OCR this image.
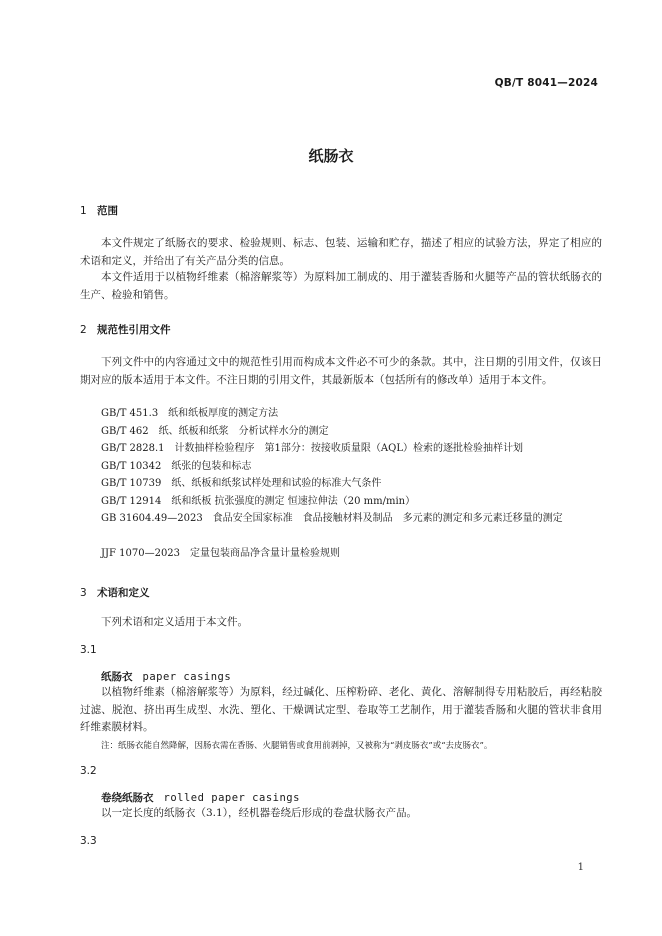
QB/T 8041—2024
纸肠衣
1 范围
本文件规定了纸肠衣的要求、检验规则、标志、包装、运输和贮存，描述了相应的试验方法，界定了相应的术语和定义，并给出了有关产品分类的信息。
本文件适用于以植物纤维素（棉溶解浆等）为原料加工制成的、用于灌装香肠和火腿等产品的管状纸肠衣的生产、检验和销售。
2 规范性引用文件
下列文件中的内容通过文中的规范性引用而构成本文件必不可少的条款。其中，注日期的引用文件，仅该日期对应的版本适用于本文件。不注日期的引用文件，其最新版本（包括所有的修改单）适用于本文件。
GB/T 451.3　纸和纸板厚度的测定方法
GB/T 462　纸、纸板和纸浆　分析试样水分的测定
GB/T 2828.1　计数抽样检验程序　第1部分：按接收质量限（AQL）检索的逐批检验抽样计划
GB/T 10342　纸张的包装和标志
GB/T 10739　纸、纸板和纸浆试样处理和试验的标准大气条件
GB/T 12914　纸和纸板 抗张强度的测定 恒速拉伸法（20 mm/min）
GB 31604.49—2023　食品安全国家标准　食品接触材料及制品　多元素的测定和多元素迁移量的测定
JJF 1070—2023　定量包装商品净含量计量检验规则
3 术语和定义
下列术语和定义适用于本文件。
3.1
纸肠衣 paper casings
以植物纤维素（棉溶解浆等）为原料，经过碱化、压榨粉碎、老化、黄化、溶解制得专用粘胶后，再经粘胶过滤、脱泡、挤出再生成型、水洗、塑化、干燥调试定型、卷取等工艺制作，用于灌装香肠和火腿的管状非食用纤维素膜材料。
注：纸肠衣能自然降解，因肠衣需在香肠、火腿销售或食用前剥掉，又被称为“剥皮肠衣”或“去皮肠衣”。
3.2
卷绕纸肠衣 rolled paper casings
以一定长度的纸肠衣（3.1），经机器卷绕后形成的卷盘状肠衣产品。
3.3
1
